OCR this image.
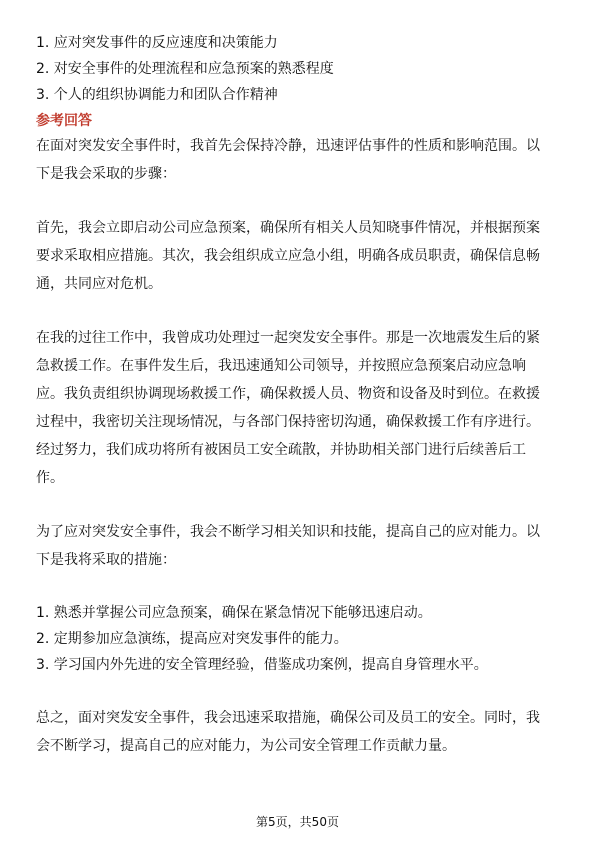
1. 应对突发事件的反应速度和决策能力
2. 对安全事件的处理流程和应急预案的熟悉程度
3. 个人的组织协调能力和团队合作精神
参考回答

在面对突发安全事件时，我首先会保持冷静，迅速评估事件的性质和影响范围。以
下是我会采取的步骤：

首先，我会立即启动公司应急预案，确保所有相关人员知晓事件情况，并根据预案
要求采取相应措施。其次，我会组织成立应急小组，明确各成员职责，确保信息畅
通，共同应对危机。

在我的过往工作中，我曾成功处理过一起突发安全事件。那是一次地震发生后的紧
急救援工作。在事件发生后，我迅速通知公司领导，并按照应急预案启动应急响
应。我负责组织协调现场救援工作，确保救援人员、物资和设备及时到位。在救援
过程中，我密切关注现场情况，与各部门保持密切沟通，确保救援工作有序进行。
经过努力，我们成功将所有被困员工安全疏散，并协助相关部门进行后续善后工
作。

为了应对突发安全事件，我会不断学习相关知识和技能，提高自己的应对能力。以
下是我将采取的措施：

1. 熟悉并掌握公司应急预案，确保在紧急情况下能够迅速启动。
2. 定期参加应急演练，提高应对突发事件的能力。
3. 学习国内外先进的安全管理经验，借鉴成功案例，提高自身管理水平。

总之，面对突发安全事件，我会迅速采取措施，确保公司及员工的安全。同时，我
会不断学习，提高自己的应对能力，为公司安全管理工作贡献力量。

第5页，共50页
